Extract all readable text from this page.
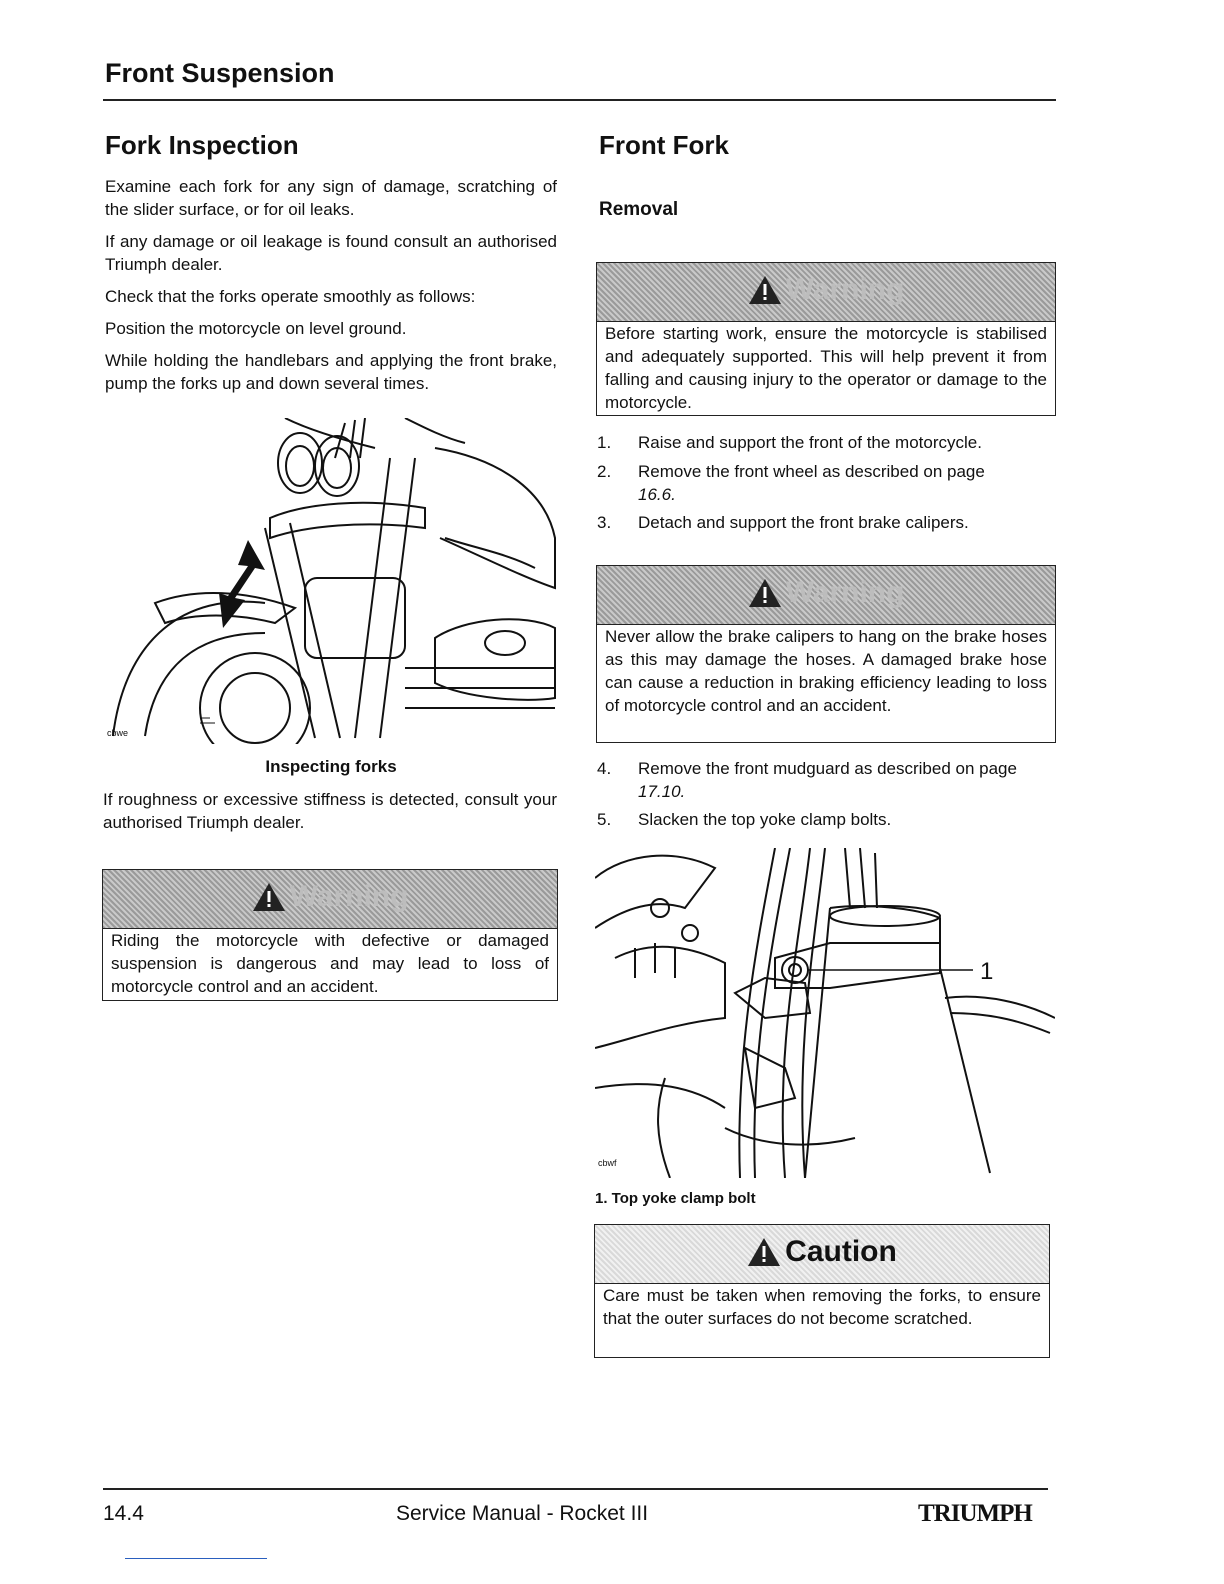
Front Suspension
Fork Inspection
Examine each fork for any sign of damage, scratching of the slider surface, or for oil leaks.
If any damage or oil leakage is found consult an authorised Triumph dealer.
Check that the forks operate smoothly as follows:
Position the motorcycle on level ground.
While holding the handlebars and applying the front brake, pump the forks up and down several times.
cbwe
Inspecting forks
If roughness or excessive stiffness is detected, consult your authorised Triumph dealer.
Warning
Riding the motorcycle with defective or damaged suspension is dangerous and may lead to loss of motorcycle control and an accident.
Front Fork
Removal
Warning
Before starting work, ensure the motorcycle is stabilised and adequately supported. This will help prevent it from falling and causing injury to the operator or damage to the motorcycle.
1. Raise and support the front of the motorcycle.
2. Remove the front wheel as described on page
16.6.
3. Detach and support the front brake calipers.
Warning
Never allow the brake calipers to hang on the brake hoses as this may damage the hoses. A damaged brake hose can cause a reduction in braking efficiency leading to loss of motorcycle control and an accident.
4. Remove the front mudguard as described on page
17.10.
5. Slacken the top yoke clamp bolts.
1
cbwf
1. Top yoke clamp bolt
Caution
Care must be taken when removing the forks, to ensure that the outer surfaces do not become scratched.
14.4	Service Manual - Rocket III	TRIUMPH
